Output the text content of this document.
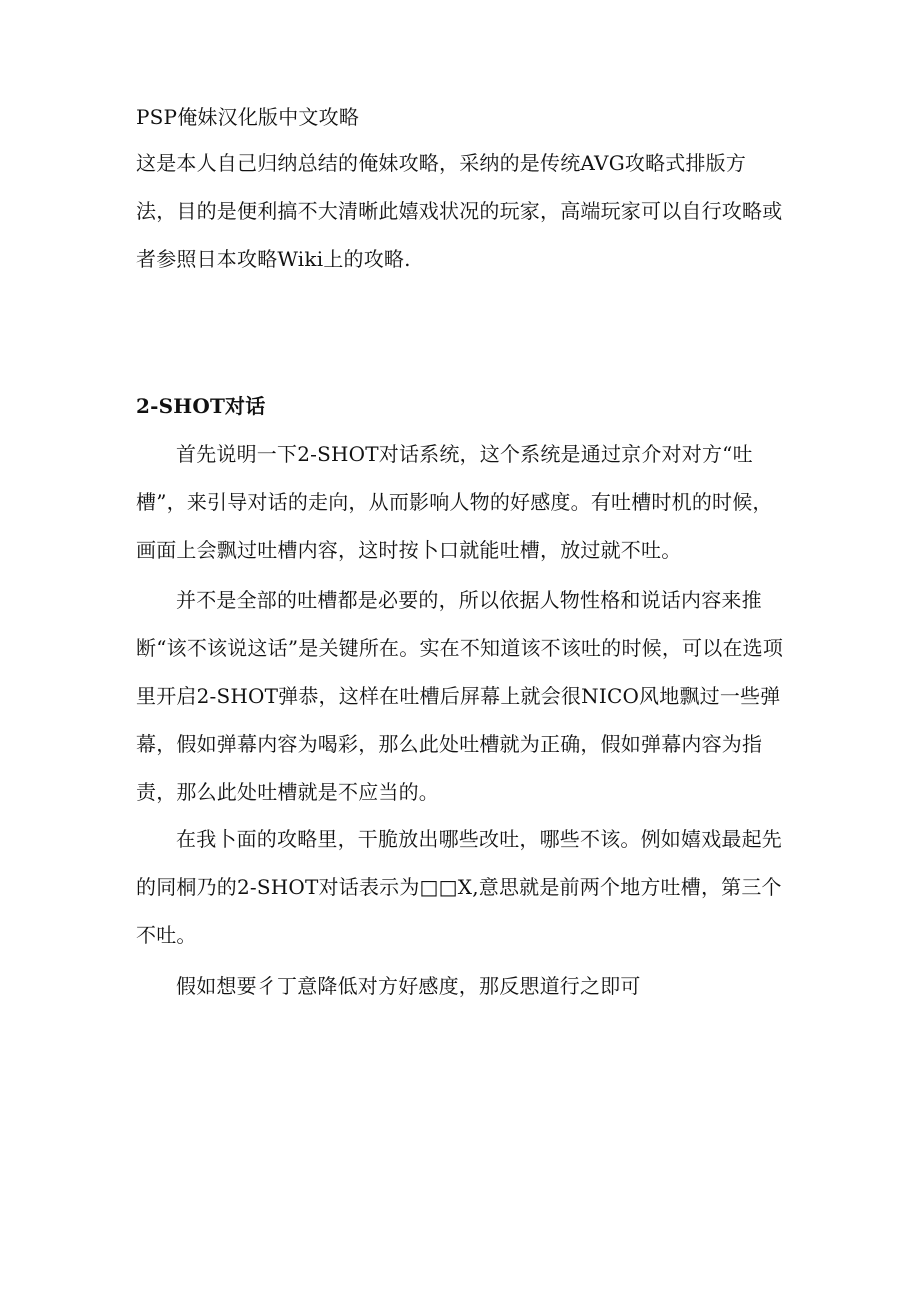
PSP俺妹汉化版中文攻略
这是本人自己归纳总结的俺妹攻略，采纳的是传统AVG攻略式排版方法，目的是便利搞不大清晰此嬉戏状况的玩家，高端玩家可以自行攻略或者参照日本攻略Wiki上的攻略.
2-SHOT对话
首先说明一下2-SHOT对话系统，这个系统是通过京介对对方“吐槽”，来引导对话的走向，从而影响人物的好感度。有吐槽时机的时候，画面上会飘过吐槽内容，这时按卜口就能吐槽，放过就不吐。
并不是全部的吐槽都是必要的，所以依据人物性格和说话内容来推断“该不该说这话”是关键所在。实在不知道该不该吐的时候，可以在选项里开启2-SHOT弹恭，这样在吐槽后屏幕上就会很NICO风地飘过一些弹幕，假如弹幕内容为喝彩，那么此处吐槽就为正确，假如弹幕内容为指责，那么此处吐槽就是不应当的。
在我卜面的攻略里，干脆放出哪些改吐，哪些不该。例如嬉戏最起先的同桐乃的2-SHOT对话表示为□□X,意思就是前两个地方吐槽，第三个不吐。
假如想要彳丁意降低对方好感度，那反愳道行之即可
